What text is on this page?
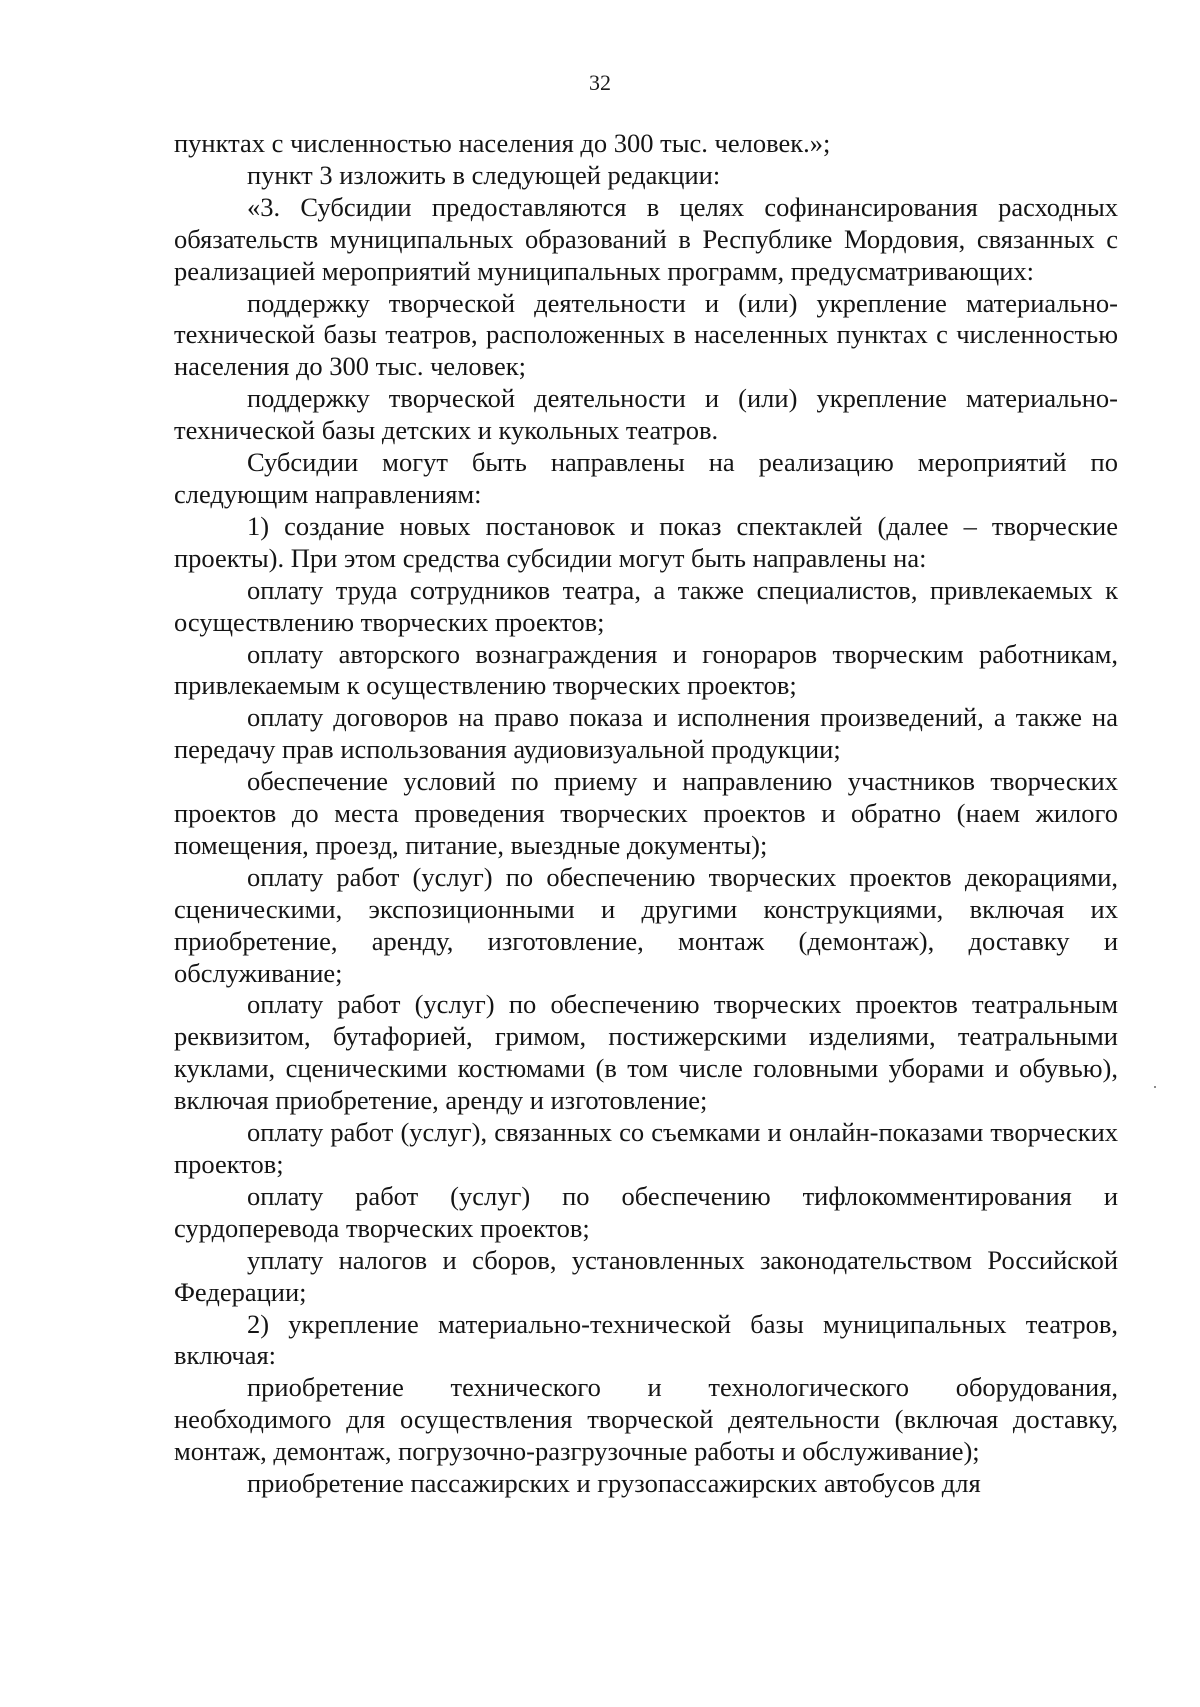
32

пунктах с численностью населения до 300 тыс. человек.»;

пункт 3 изложить в следующей редакции:

«3. Субсидии предоставляются в целях софинансирования расходных обязательств муниципальных образований в Республике Мордовия, связанных с реализацией мероприятий муниципальных программ, предусматривающих:

поддержку творческой деятельности и (или) укрепление материально-технической базы театров, расположенных в населенных пунктах с численностью населения до 300 тыс. человек;

поддержку творческой деятельности и (или) укрепление материально-технической базы детских и кукольных театров.

Субсидии могут быть направлены на реализацию мероприятий по следующим направлениям:

1) создание новых постановок и показ спектаклей (далее – творческие проекты). При этом средства субсидии могут быть направлены на:

оплату труда сотрудников театра, а также специалистов, привлекаемых к осуществлению творческих проектов;

оплату авторского вознаграждения и гонораров творческим работникам, привлекаемым к осуществлению творческих проектов;

оплату договоров на право показа и исполнения произведений, а также на передачу прав использования аудиовизуальной продукции;

обеспечение условий по приему и направлению участников творческих проектов до места проведения творческих проектов и обратно (наем жилого помещения, проезд, питание, выездные документы);

оплату работ (услуг) по обеспечению творческих проектов декорациями, сценическими, экспозиционными и другими конструкциями, включая их приобретение, аренду, изготовление, монтаж (демонтаж), доставку и обслуживание;

оплату работ (услуг) по обеспечению творческих проектов театральным реквизитом, бутафорией, гримом, постижерскими изделиями, театральными куклами, сценическими костюмами (в том числе головными уборами и обувью), включая приобретение, аренду и изготовление;

оплату работ (услуг), связанных со съемками и онлайн-показами творческих проектов;

оплату работ (услуг) по обеспечению тифлокомментирования и сурдоперевода творческих проектов;

уплату налогов и сборов, установленных законодательством Российской Федерации;

2) укрепление материально-технической базы муниципальных театров, включая:

приобретение технического и технологического оборудования, необходимого для осуществления творческой деятельности (включая доставку, монтаж, демонтаж, погрузочно-разгрузочные работы и обслуживание);

приобретение пассажирских и грузопассажирских автобусов для
